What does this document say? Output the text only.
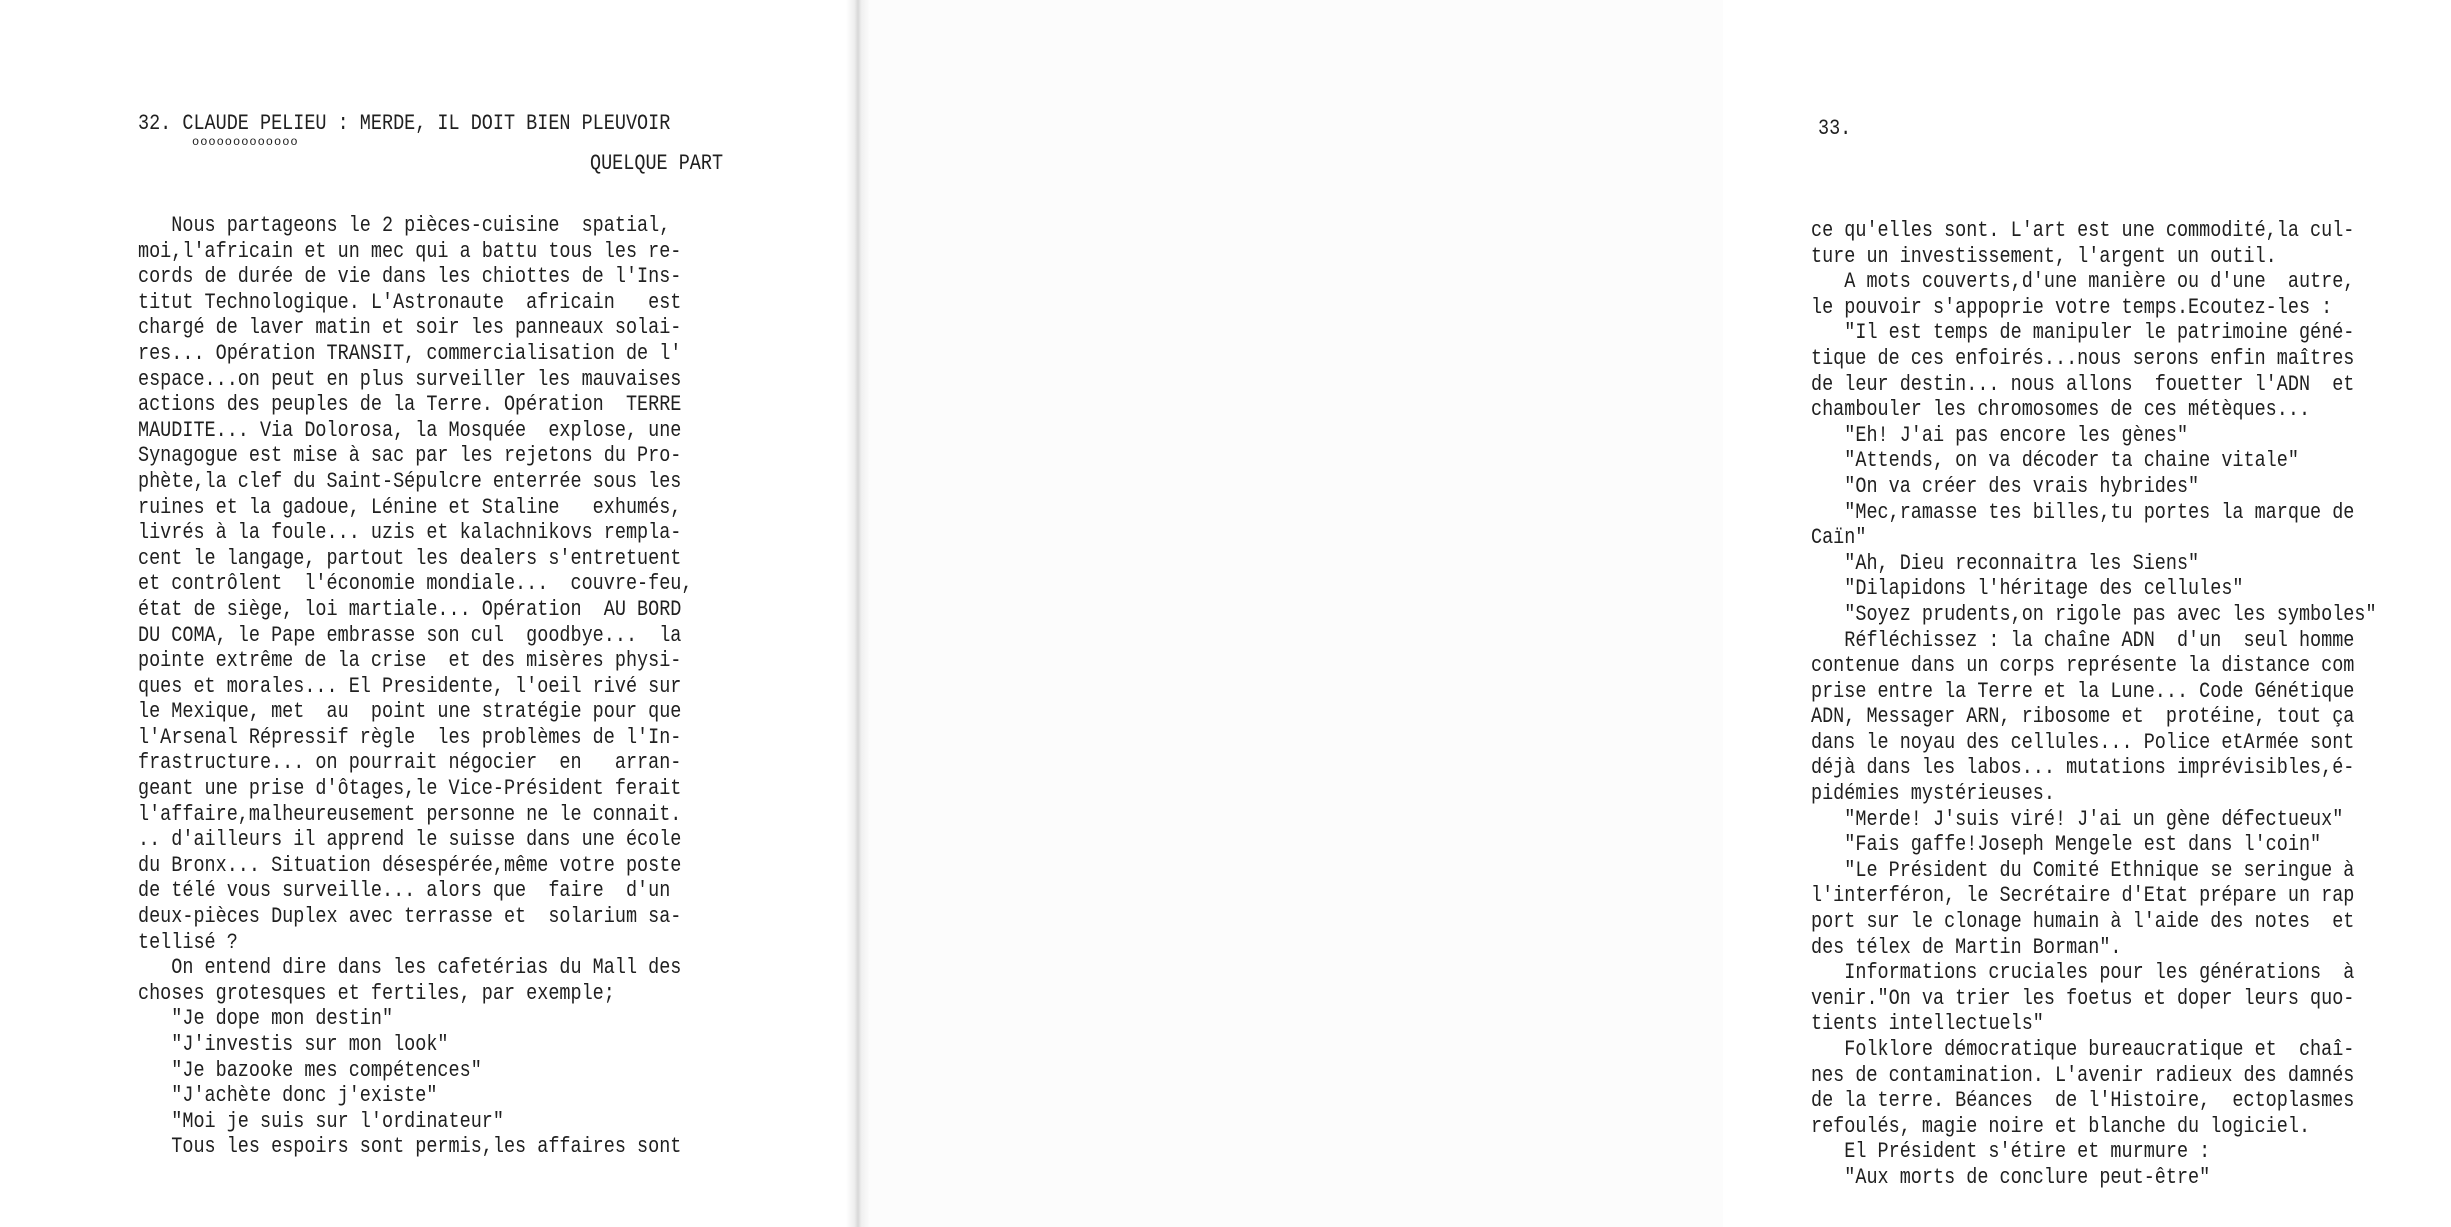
32. CLAUDE PELIEU : MERDE, IL DOIT BIEN PLEUVOIR
ooooooooooooo
QUELQUE PART
Nous partageons le 2 pièces-cuisine  spatial,
moi,l'africain et un mec qui a battu tous les re-
cords de durée de vie dans les chiottes de l'Ins-
titut Technologique. L'Astronaute  africain   est
chargé de laver matin et soir les panneaux solai-
res... Opération TRANSIT, commercialisation de l'
espace...on peut en plus surveiller les mauvaises
actions des peuples de la Terre. Opération  TERRE
MAUDITE... Via Dolorosa, la Mosquée  explose, une
Synagogue est mise à sac par les rejetons du Pro-
phète,la clef du Saint-Sépulcre enterrée sous les
ruines et la gadoue, Lénine et Staline   exhumés,
livrés à la foule... uzis et kalachnikovs rempla-
cent le langage, partout les dealers s'entretuent
et contrôlent  l'économie mondiale...  couvre-feu,
état de siège, loi martiale... Opération  AU BORD
DU COMA, le Pape embrasse son cul  goodbye...  la
pointe extrême de la crise  et des misères physi-
ques et morales... El Presidente, l'oeil rivé sur
le Mexique, met  au  point une stratégie pour que
l'Arsenal Répressif règle  les problèmes de l'In-
frastructure... on pourrait négocier  en   arran-
geant une prise d'ôtages,le Vice-Président ferait
l'affaire,malheureusement personne ne le connait.
.. d'ailleurs il apprend le suisse dans une école
du Bronx... Situation désespérée,même votre poste
de télé vous surveille... alors que  faire  d'un
deux-pièces Duplex avec terrasse et  solarium sa-
tellisé ?
On entend dire dans les cafetérias du Mall des
choses grotesques et fertiles, par exemple;
"Je dope mon destin"
"J'investis sur mon look"
"Je bazooke mes compétences"
"J'achète donc j'existe"
"Moi je suis sur l'ordinateur"
Tous les espoirs sont permis,les affaires sont
33.
ce qu'elles sont. L'art est une commodité,la cul-
ture un investissement, l'argent un outil.
A mots couverts,d'une manière ou d'une  autre,
le pouvoir s'appoprie votre temps.Ecoutez-les :
"Il est temps de manipuler le patrimoine géné-
tique de ces enfoirés...nous serons enfin maîtres
de leur destin... nous allons  fouetter l'ADN  et
chambouler les chromosomes de ces métèques...
"Eh! J'ai pas encore les gènes"
"Attends, on va décoder ta chaine vitale"
"On va créer des vrais hybrides"
"Mec,ramasse tes billes,tu portes la marque de
Caïn"
"Ah, Dieu reconnaitra les Siens"
"Dilapidons l'héritage des cellules"
"Soyez prudents,on rigole pas avec les symboles"
Réfléchissez : la chaîne ADN  d'un  seul homme
contenue dans un corps représente la distance com
prise entre la Terre et la Lune... Code Génétique
ADN, Messager ARN, ribosome et  protéine, tout ça
dans le noyau des cellules... Police etArmée sont
déjà dans les labos... mutations imprévisibles,é-
pidémies mystérieuses.
"Merde! J'suis viré! J'ai un gène défectueux"
"Fais gaffe!Joseph Mengele est dans l'coin"
"Le Président du Comité Ethnique se seringue à
l'interféron, le Secrétaire d'Etat prépare un rap
port sur le clonage humain à l'aide des notes  et
des télex de Martin Borman".
Informations cruciales pour les générations  à
venir."On va trier les foetus et doper leurs quo-
tients intellectuels"
Folklore démocratique bureaucratique et  chaî-
nes de contamination. L'avenir radieux des damnés
de la terre. Béances  de l'Histoire,  ectoplasmes
refoulés, magie noire et blanche du logiciel.
El Président s'étire et murmure :
"Aux morts de conclure peut-être"
